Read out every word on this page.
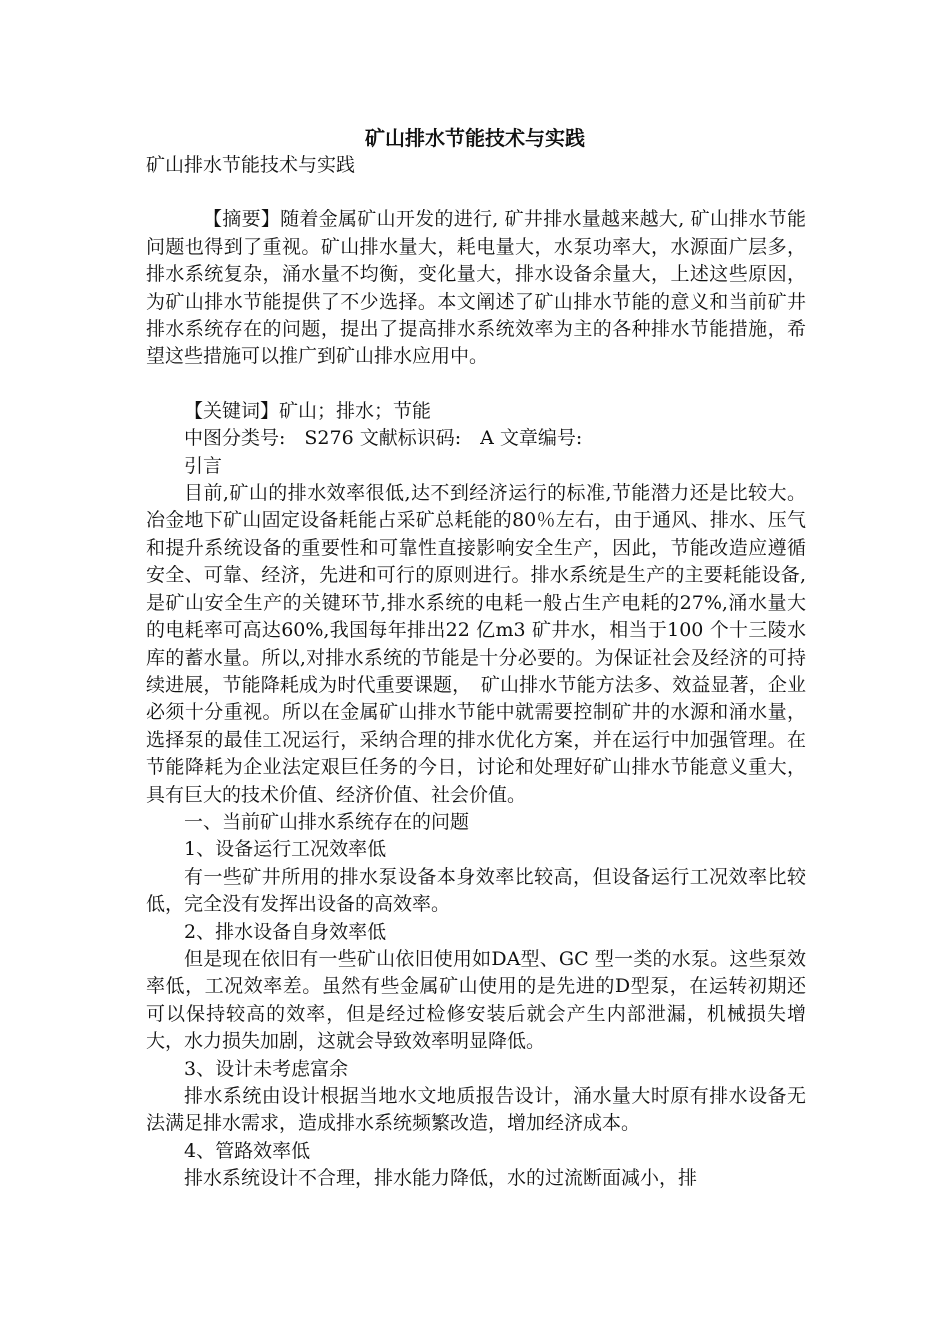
矿山排水节能技术与实践

矿山排水节能技术与实践

【摘要】随着金属矿山开发的进行, 矿井排水量越来越大, 矿山排水节能问题也得到了重视。矿山排水量大，耗电量大，水泵功率大，水源面广层多，排水系统复杂，涌水量不均衡，变化量大，排水设备余量大，上述这些原因，为矿山排水节能提供了不少选择。本文阐述了矿山排水节能的意义和当前矿井排水系统存在的问题，提出了提高排水系统效率为主的各种排水节能措施，希望这些措施可以推广到矿山排水应用中。

【关键词】矿山；排水；节能

中图分类号:　S276 文献标识码:　A 文章编号:

引言

目前,矿山的排水效率很低,达不到经济运行的标准,节能潜力还是比较大。冶金地下矿山固定设备耗能占采矿总耗能的80％左右，由于通风、排水、压气和提升系统设备的重要性和可靠性直接影响安全生产，因此，节能改造应遵循安全、可靠、经济，先进和可行的原则进行。排水系统是生产的主要耗能设备, 是矿山安全生产的关键环节,排水系统的电耗一般占生产电耗的27%,涌水量大的电耗率可高达60%,我国每年排出22 亿m3 矿井水，相当于100 个十三陵水库的蓄水量。所以,对排水系统的节能是十分必要的。为保证社会及经济的可持续进展，节能降耗成为时代重要课题，　矿山排水节能方法多、效益显著，企业必须十分重视。所以在金属矿山排水节能中就需要控制矿井的水源和涌水量，选择泵的最佳工况运行，采纳合理的排水优化方案，并在运行中加强管理。在节能降耗为企业法定艰巨任务的今日，讨论和处理好矿山排水节能意义重大，具有巨大的技术价值、经济价值、社会价值。

一、当前矿山排水系统存在的问题

1、设备运行工况效率低

有一些矿井所用的排水泵设备本身效率比较高，但设备运行工况效率比较低，完全没有发挥出设备的高效率。

2、排水设备自身效率低

但是现在依旧有一些矿山依旧使用如DA型、GC 型一类的水泵。这些泵效率低，工况效率差。虽然有些金属矿山使用的是先进的D型泵，在运转初期还可以保持较高的效率，但是经过检修安装后就会产生内部泄漏，机械损失增大，水力损失加剧，这就会导致效率明显降低。

3、设计未考虑富余

排水系统由设计根据当地水文地质报告设计，涌水量大时原有排水设备无法满足排水需求，造成排水系统频繁改造，增加经济成本。

4、管路效率低

排水系统设计不合理，排水能力降低，水的过流断面减小，排
